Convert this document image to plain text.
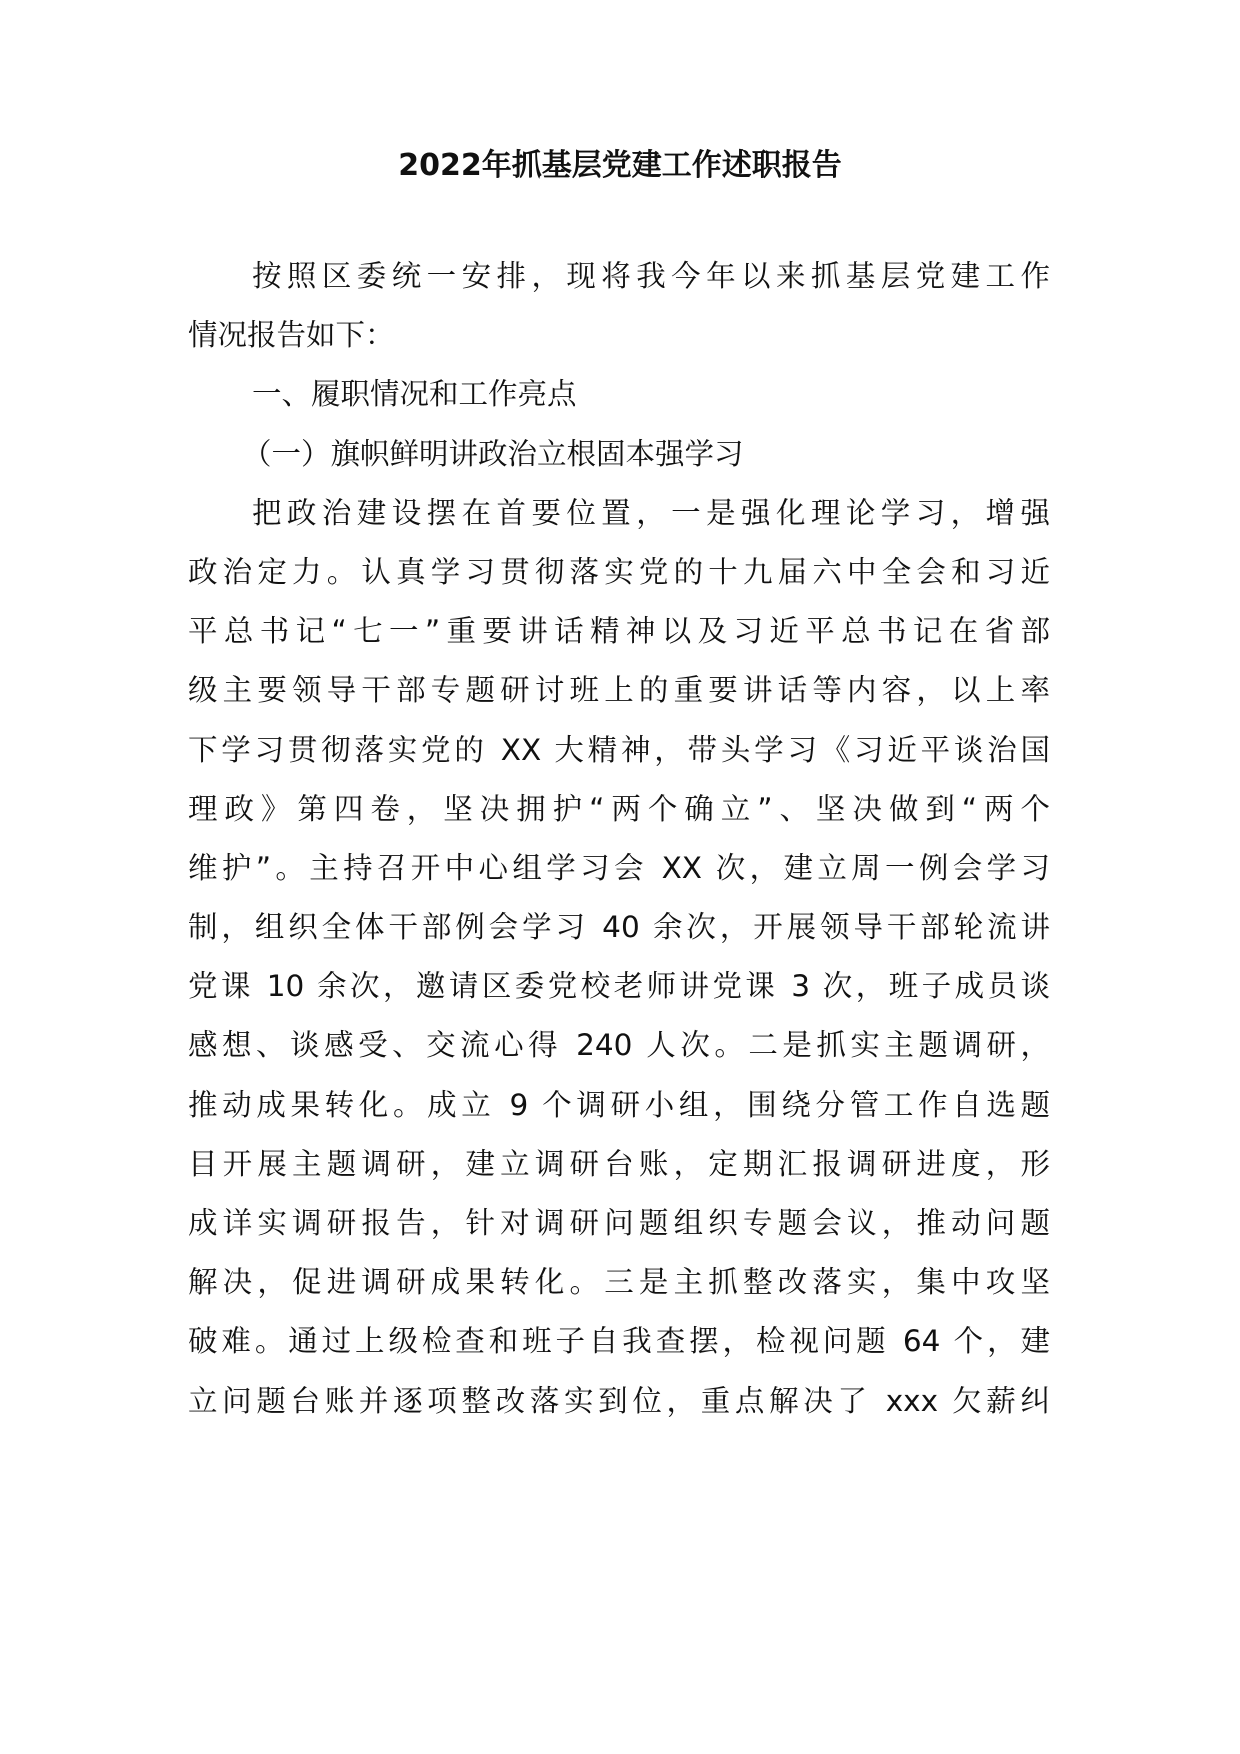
2022年抓基层党建工作述职报告
按照区委统一安排，现将我今年以来抓基层党建工作
情况报告如下：
一、履职情况和工作亮点
（一）旗帜鲜明讲政治立根固本强学习
把政治建设摆在首要位置，一是强化理论学习，增强
政治定力。认真学习贯彻落实党的十九届六中全会和习近
平总书记“七一”重要讲话精神以及习近平总书记在省部
级主要领导干部专题研讨班上的重要讲话等内容，以上率
下学习贯彻落实党的 XX 大精神，带头学习《习近平谈治国
理政》第四卷，坚决拥护“两个确立”、坚决做到“两个
维护”。主持召开中心组学习会 XX 次，建立周一例会学习
制，组织全体干部例会学习 40 余次，开展领导干部轮流讲
党课 10 余次，邀请区委党校老师讲党课 3 次，班子成员谈
感想、谈感受、交流心得 240 人次。二是抓实主题调研，
推动成果转化。成立 9 个调研小组，围绕分管工作自选题
目开展主题调研，建立调研台账，定期汇报调研进度，形
成详实调研报告，针对调研问题组织专题会议，推动问题
解决，促进调研成果转化。三是主抓整改落实，集中攻坚
破难。通过上级检查和班子自我查摆，检视问题 64 个，建
立问题台账并逐项整改落实到位，重点解决了 xxx 欠薪纠
